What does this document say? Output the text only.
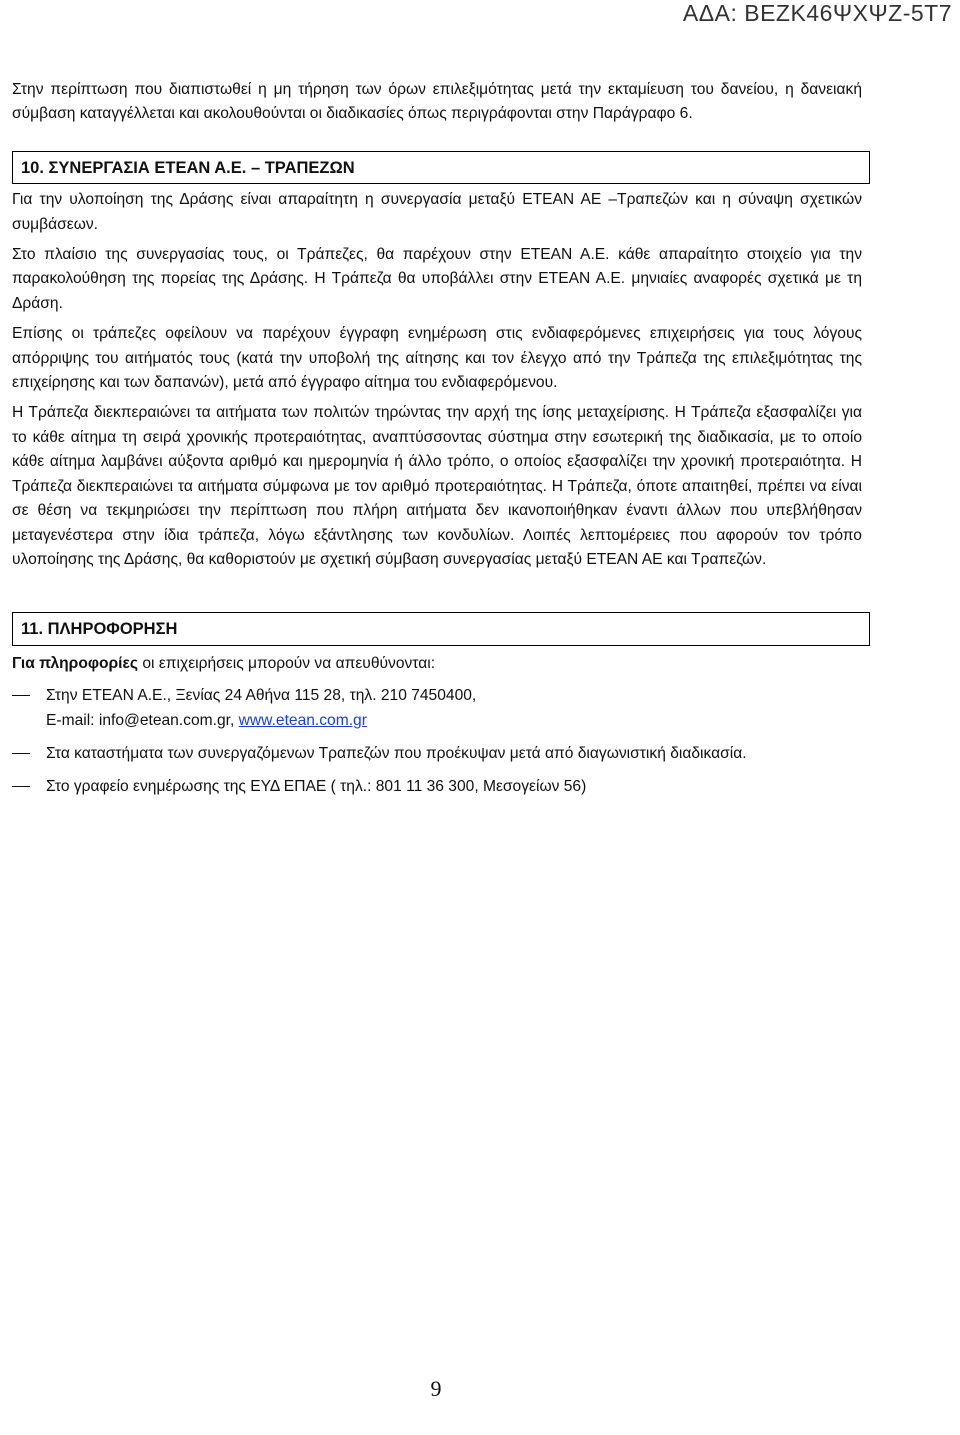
ΑΔΑ: ΒΕΖΚ46ΨΧΨΖ-5Τ7

Στην περίπτωση που διαπιστωθεί η μη τήρηση των όρων επιλεξιμότητας μετά την εκταμίευση του δανείου, η δανειακή σύμβαση καταγγέλλεται και ακολουθούνται οι διαδικασίες όπως περιγράφονται στην Παράγραφο 6.

10. ΣΥΝΕΡΓΑΣΙΑ ΕΤΕΑΝ Α.Ε. – ΤΡΑΠΕΖΩΝ

Για την υλοποίηση της Δράσης είναι απαραίτητη η συνεργασία μεταξύ ΕΤΕΑΝ ΑΕ –Τραπεζών και η σύναψη σχετικών συμβάσεων.

Στο πλαίσιο της συνεργασίας τους, οι Τράπεζες, θα παρέχουν στην ΕΤΕΑΝ Α.Ε. κάθε απαραίτητο στοιχείο για την παρακολούθηση της πορείας της Δράσης. Η Τράπεζα θα υποβάλλει στην ΕΤΕΑΝ Α.Ε. μηνιαίες αναφορές σχετικά με τη Δράση.

Επίσης οι τράπεζες οφείλουν να παρέχουν έγγραφη ενημέρωση στις ενδιαφερόμενες επιχειρήσεις για τους λόγους απόρριψης του αιτήματός τους (κατά την υποβολή της αίτησης και τον έλεγχο από την Τράπεζα της επιλεξιμότητας της επιχείρησης και των δαπανών), μετά από έγγραφο αίτημα του ενδιαφερόμενου.

Η Τράπεζα διεκπεραιώνει τα αιτήματα των πολιτών τηρώντας την αρχή της ίσης μεταχείρισης. Η Τράπεζα εξασφαλίζει για το κάθε αίτημα τη σειρά χρονικής προτεραιότητας, αναπτύσσοντας σύστημα στην εσωτερική της διαδικασία, με το οποίο κάθε αίτημα λαμβάνει αύξοντα αριθμό και ημερομηνία ή άλλο τρόπο, ο οποίος εξασφαλίζει την χρονική προτεραιότητα. Η Τράπεζα διεκπεραιώνει τα αιτήματα σύμφωνα με τον αριθμό προτεραιότητας. Η Τράπεζα, όποτε απαιτηθεί, πρέπει να είναι σε θέση να τεκμηριώσει την περίπτωση που πλήρη αιτήματα δεν ικανοποιήθηκαν έναντι άλλων που υπεβλήθησαν μεταγενέστερα στην ίδια τράπεζα, λόγω εξάντλησης των κονδυλίων. Λοιπές λεπτομέρειες που αφορούν τον τρόπο υλοποίησης της Δράσης, θα καθοριστούν με σχετική σύμβαση συνεργασίας μεταξύ ΕΤΕΑΝ ΑΕ και Τραπεζών.

11. ΠΛΗΡΟΦΟΡΗΣΗ

Για πληροφορίες οι επιχειρήσεις μπορούν να απευθύνονται:

Στην ΕΤΕΑΝ Α.Ε., Ξενίας 24 Αθήνα 115 28, τηλ. 210 7450400,
E-mail: info@etean.com.gr, www.etean.com.gr
Στα καταστήματα των συνεργαζόμενων Τραπεζών που προέκυψαν μετά από διαγωνιστική διαδικασία.
Στο γραφείο ενημέρωσης της ΕΥΔ ΕΠΑΕ ( τηλ.: 801 11 36 300, Μεσογείων 56)
9
